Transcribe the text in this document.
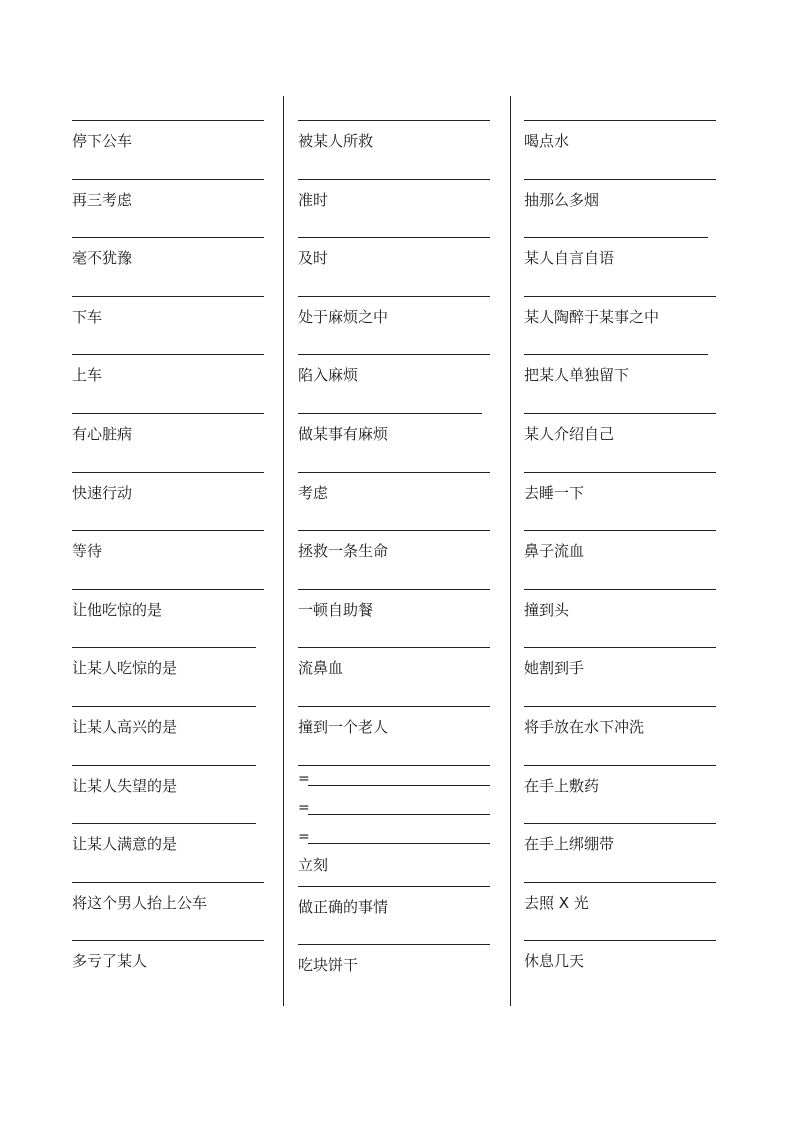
停下公车
再三考虑
毫不犹豫
下车
上车
有心脏病
快速行动
等待
让他吃惊的是
让某人吃惊的是
让某人高兴的是
让某人失望的是
让某人满意的是
将这个男人抬上公车
多亏了某人
被某人所救
准时
及时
处于麻烦之中
陷入麻烦
做某事有麻烦
考虑
拯救一条生命
一顿自助餐
流鼻血
撞到一个老人
=
=
=
立刻
做正确的事情
吃块饼干
喝点水
抽那么多烟
某人自言自语
某人陶醉于某事之中
把某人单独留下
某人介绍自己
去睡一下
鼻子流血
撞到头
她割到手
将手放在水下冲洗
在手上敷药
在手上绑绷带
去照 X 光
休息几天
